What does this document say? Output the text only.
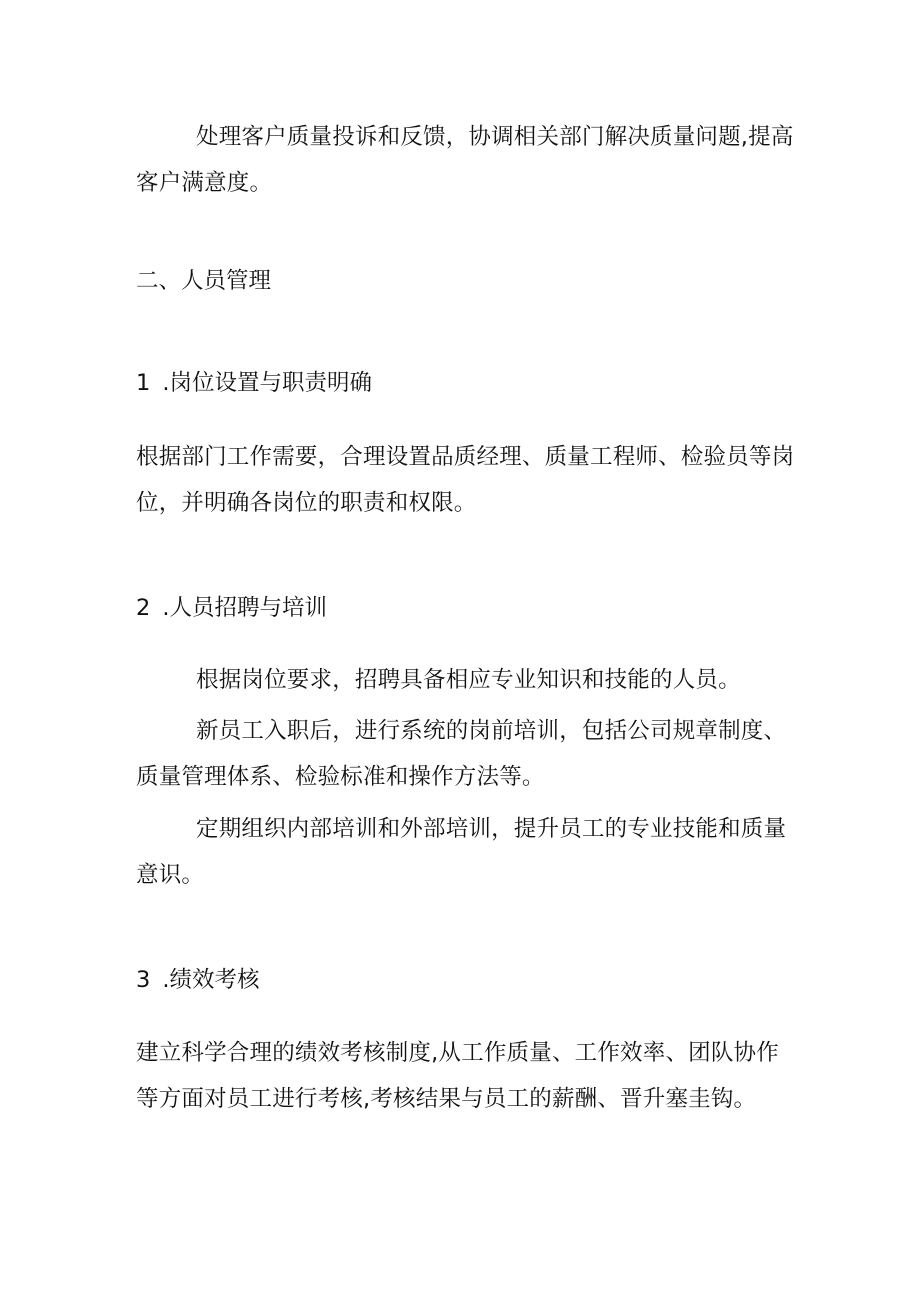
处理客户质量投诉和反馈，协调相关部门解决质量问题,提高客户满意度。

二、人员管理

1 .岗位设置与职责明确

根据部门工作需要，合理设置品质经理、质量工程师、检验员等岗位，并明确各岗位的职责和权限。

2 .人员招聘与培训

根据岗位要求，招聘具备相应专业知识和技能的人员。

新员工入职后，进行系统的岗前培训，包括公司规章制度、质量管理体系、检验标准和操作方法等。

定期组织内部培训和外部培训，提升员工的专业技能和质量意识。

3 .绩效考核

建立科学合理的绩效考核制度,从工作质量、工作效率、团队协作等方面对员工进行考核,考核结果与员工的薪酬、晋升塞圭钩。
